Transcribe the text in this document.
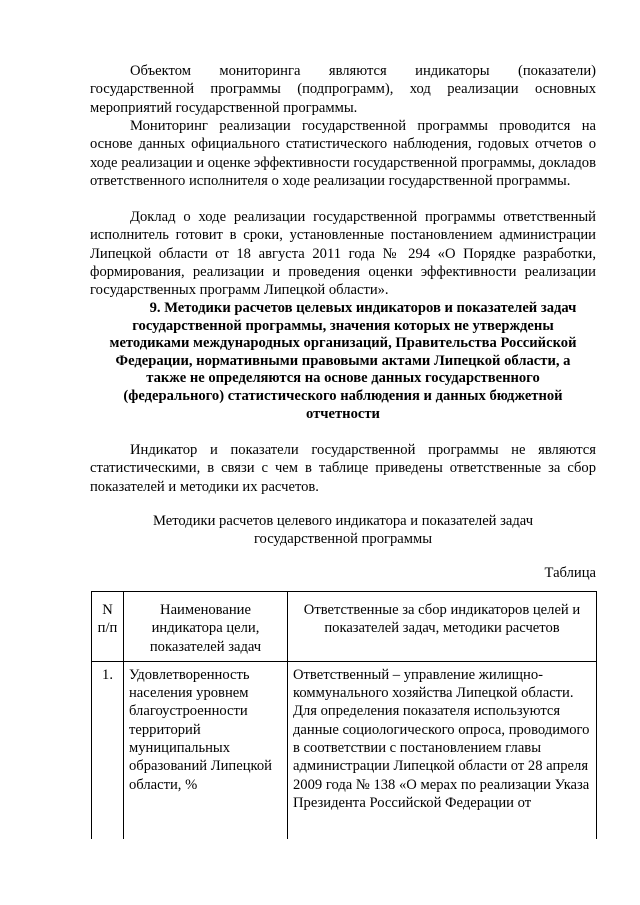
Объектом мониторинга являются индикаторы (показатели) государственной программы (подпрограмм), ход реализации основных мероприятий государственной программы.

Мониторинг реализации государственной программы проводится на основе данных официального статистического наблюдения, годовых отчетов о ходе реализации и оценке эффективности государственной программы, докладов ответственного исполнителя о ходе реализации государственной программы.

Доклад о ходе реализации государственной программы ответственный исполнитель готовит в сроки, установленные постановлением администрации Липецкой области от 18 августа 2011 года № 294 «О Порядке разработки, формирования, реализации и проведения оценки эффективности реализации государственных программ Липецкой области».

9. Методики расчетов целевых индикаторов и показателей задач
государственной программы, значения которых не утверждены
методиками международных организаций, Правительства Российской
Федерации, нормативными правовыми актами Липецкой области, а
также не определяются на основе данных государственного
(федерального) статистического наблюдения и данных бюджетной
отчетности

Индикатор и показатели государственной программы не являются статистическими, в связи с чем в таблице приведены ответственные за сбор показателей и методики их расчетов.

Методики расчетов целевого индикатора и показателей задач
государственной программы
Таблица
N п/п	Наименование индикатора цели, показателей задач	Ответственные за сбор индикаторов целей и показателей задач, методики расчетов
1.	Удовлетворенность населения уровнем благоустроенности территорий муниципальных образований Липецкой области, %	Ответственный – управление жилищно-коммунального хозяйства Липецкой области. Для определения показателя используются данные социологического опроса, проводимого в соответствии с постановлением главы администрации Липецкой области от 28 апреля 2009 года № 138 «О мерах по реализации Указа Президента Российской Федерации от
